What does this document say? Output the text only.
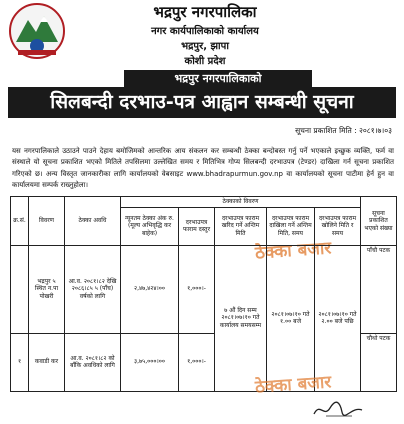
भद्रपुर नगरपालिका
नगर कार्यपालिकाको कार्यालय
भद्रपुर, झापा
कोशी प्रदेश
भद्रपुर नगरपालिकाको
सिलबन्दी दरभाउ-पत्र आह्वान सम्बन्धी सूचना
सूचना प्रकाशित मिति : २०८१।७।०३
यस नगरपालिकाले उठाउने पाउने देहाय बमोजिमको आन्तरिक आय संकलन कर सम्बन्धी ठेक्का बन्दोबस्त गर्नु पर्ने भएकाले इच्छुक व्यक्ति, फर्म वा संस्थाले यो सूचना प्रकाशित भएको मितिले तपसिलमा उल्लेखित समय र मितिभित्र गोप्य सिलबन्दी दरभाउपत्र (टेण्डर) दाखिला गर्न सूचना प्रकाशित गरिएको छ। अन्य विस्तृत जानकारीका लागि कार्यालयको वेबसाइट www.bhadrapurmun.gov.np वा कार्यालयको सूचना पाटीमा हेर्न हुन वा कार्यालयमा सम्पर्क राख्नुहोला।
ठेक्का बजार
क्र.सं.	विवरण	ठेक्का अवधि	ठेक्काको विवरण					सूचना प्रकाशित भएको संख्या
			न्यूनतम ठेक्का अंक रु. (मूल्य अभिवृद्धि कर बाहेक)	दरभाउपत्र फाराम दस्तुर	दरभाउपत्र फाराम खरिद गर्ने अन्तिम मिति	दरभाउपत्र फाराम दाखिला गर्ने अन्तिम मिति, समय	दरभाउपत्र फाराम खोलिने मिति र समय	
	भद्रपुर ५ स्थित न.पा पोखरी	आ.व. २०८१।८२ देखि २०८६।८५ ५ (पाँच) वर्षको लागि	२,४७,४२४।००	१,०००।-	७ औं दिन सम्म २०८१।०७।१० गते कार्यालय समयसम्म	२०८१।०७।१० गते १.०० बजे	२०८१।०७।१० गते २.०० बजे पछि	पाँचौ पटक
१	कवाडी कर	आ.व. २०८१।८२ को बाँकि अवधिको लागि	३,७५,०००।००	१,०००।-				चौथो पटक
ठेक्का बजार
